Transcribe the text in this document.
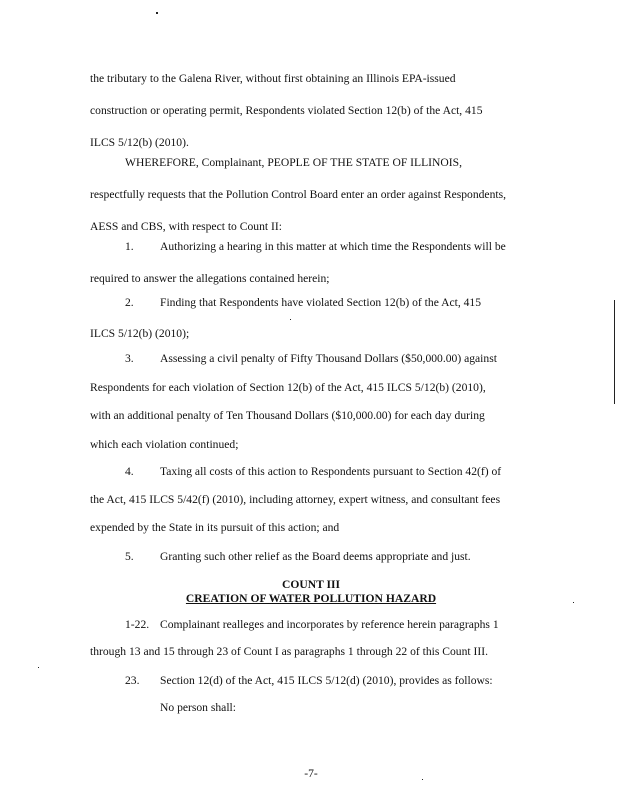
the tributary to the Galena River, without first obtaining an Illinois EPA-issued
construction or operating permit, Respondents violated Section 12(b) of the Act, 415
ILCS 5/12(b) (2010).
WHEREFORE, Complainant, PEOPLE OF THE STATE OF ILLINOIS,
respectfully requests that the Pollution Control Board enter an order against Respondents,
AESS and CBS, with respect to Count II:
1. Authorizing a hearing in this matter at which time the Respondents will be
required to answer the allegations contained herein;
2. Finding that Respondents have violated Section 12(b) of the Act, 415
ILCS 5/12(b) (2010);
3. Assessing a civil penalty of Fifty Thousand Dollars ($50,000.00) against
Respondents for each violation of Section 12(b) of the Act, 415 ILCS 5/12(b) (2010),
with an additional penalty of Ten Thousand Dollars ($10,000.00) for each day during
which each violation continued;
4. Taxing all costs of this action to Respondents pursuant to Section 42(f) of
the Act, 415 ILCS 5/42(f) (2010), including attorney, expert witness, and consultant fees
expended by the State in its pursuit of this action; and
5. Granting such other relief as the Board deems appropriate and just.
COUNT III
CREATION OF WATER POLLUTION HAZARD
1-22. Complainant realleges and incorporates by reference herein paragraphs 1
through 13 and 15 through 23 of Count I as paragraphs 1 through 22 of this Count III.
23. Section 12(d) of the Act, 415 ILCS 5/12(d) (2010), provides as follows:
No person shall:
-7-
